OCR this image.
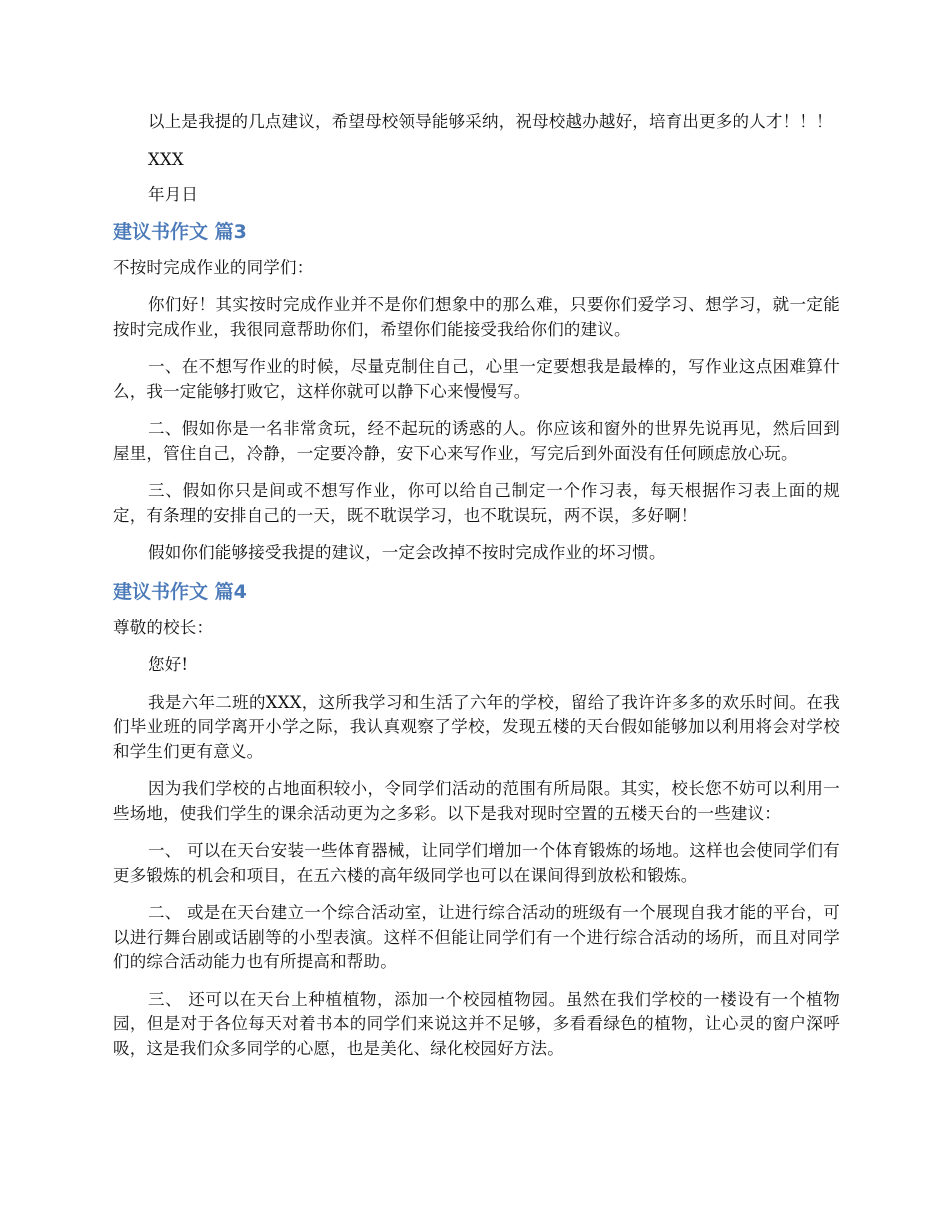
以上是我提的几点建议，希望母校领导能够采纳，祝母校越办越好，培育出更多的人才！！！

XXX

年月日

建议书作文 篇3

不按时完成作业的同学们：

你们好！其实按时完成作业并不是你们想象中的那么难，只要你们爱学习、想学习，就一定能按时完成作业，我很同意帮助你们，希望你们能接受我给你们的建议。

一、在不想写作业的时候，尽量克制住自己，心里一定要想我是最棒的，写作业这点困难算什么，我一定能够打败它，这样你就可以静下心来慢慢写。

二、假如你是一名非常贪玩，经不起玩的诱惑的人。你应该和窗外的世界先说再见，然后回到屋里，管住自己，冷静，一定要冷静，安下心来写作业，写完后到外面没有任何顾虑放心玩。

三、假如你只是间或不想写作业，你可以给自己制定一个作习表，每天根据作习表上面的规定，有条理的安排自己的一天，既不耽误学习，也不耽误玩，两不误，多好啊！

假如你们能够接受我提的建议，一定会改掉不按时完成作业的坏习惯。

建议书作文 篇4

尊敬的校长：

您好!

我是六年二班的XXX，这所我学习和生活了六年的学校，留给了我许许多多的欢乐时间。在我们毕业班的同学离开小学之际，我认真观察了学校，发现五楼的天台假如能够加以利用将会对学校和学生们更有意义。

因为我们学校的占地面积较小，令同学们活动的范围有所局限。其实，校长您不妨可以利用一些场地，使我们学生的课余活动更为之多彩。以下是我对现时空置的五楼天台的一些建议：

一、 可以在天台安装一些体育器械，让同学们增加一个体育锻炼的场地。这样也会使同学们有更多锻炼的机会和项目，在五六楼的高年级同学也可以在课间得到放松和锻炼。

二、 或是在天台建立一个综合活动室，让进行综合活动的班级有一个展现自我才能的平台，可以进行舞台剧或话剧等的小型表演。这样不但能让同学们有一个进行综合活动的场所，而且对同学们的综合活动能力也有所提高和帮助。

三、 还可以在天台上种植植物，添加一个校园植物园。虽然在我们学校的一楼设有一个植物园，但是对于各位每天对着书本的同学们来说这并不足够，多看看绿色的植物，让心灵的窗户深呼吸，这是我们众多同学的心愿，也是美化、绿化校园好方法。
